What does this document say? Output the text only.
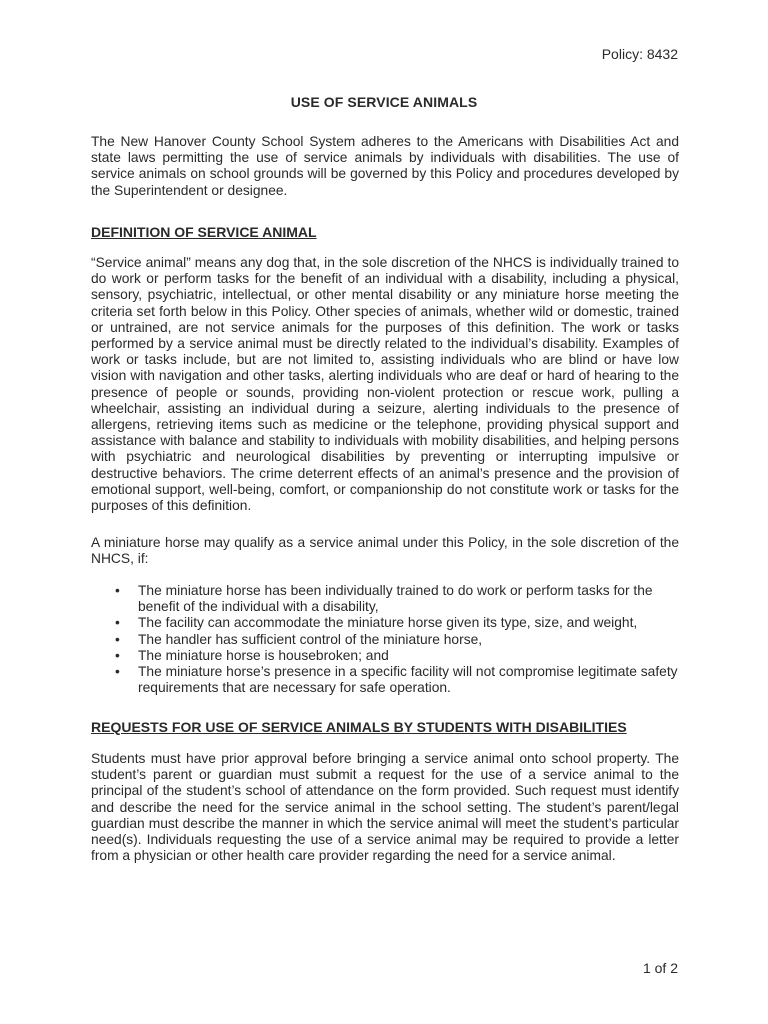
Policy: 8432
USE OF SERVICE ANIMALS
The New Hanover County School System adheres to the Americans with Disabilities Act and state laws permitting the use of service animals by individuals with disabilities. The use of service animals on school grounds will be governed by this Policy and procedures developed by the Superintendent or designee.
DEFINITION OF SERVICE ANIMAL
“Service animal” means any dog that, in the sole discretion of the NHCS is individually trained to do work or perform tasks for the benefit of an individual with a disability, including a physical, sensory, psychiatric, intellectual, or other mental disability or any miniature horse meeting the criteria set forth below in this Policy. Other species of animals, whether wild or domestic, trained or untrained, are not service animals for the purposes of this definition. The work or tasks performed by a service animal must be directly related to the individual’s disability. Examples of work or tasks include, but are not limited to, assisting individuals who are blind or have low vision with navigation and other tasks, alerting individuals who are deaf or hard of hearing to the presence of people or sounds, providing non-violent protection or rescue work, pulling a wheelchair, assisting an individual during a seizure, alerting individuals to the presence of allergens, retrieving items such as medicine or the telephone, providing physical support and assistance with balance and stability to individuals with mobility disabilities, and helping persons with psychiatric and neurological disabilities by preventing or interrupting impulsive or destructive behaviors. The crime deterrent effects of an animal’s presence and the provision of emotional support, well-being, comfort, or companionship do not constitute work or tasks for the purposes of this definition.
A miniature horse may qualify as a service animal under this Policy, in the sole discretion of the NHCS, if:
• The miniature horse has been individually trained to do work or perform tasks for the benefit of the individual with a disability,
• The facility can accommodate the miniature horse given its type, size, and weight,
• The handler has sufficient control of the miniature horse,
• The miniature horse is housebroken; and
• The miniature horse’s presence in a specific facility will not compromise legitimate safety requirements that are necessary for safe operation.
REQUESTS FOR USE OF SERVICE ANIMALS BY STUDENTS WITH DISABILITIES
Students must have prior approval before bringing a service animal onto school property. The student’s parent or guardian must submit a request for the use of a service animal to the principal of the student’s school of attendance on the form provided. Such request must identify and describe the need for the service animal in the school setting. The student’s parent/legal guardian must describe the manner in which the service animal will meet the student’s particular need(s). Individuals requesting the use of a service animal may be required to provide a letter from a physician or other health care provider regarding the need for a service animal.
1 of 2
